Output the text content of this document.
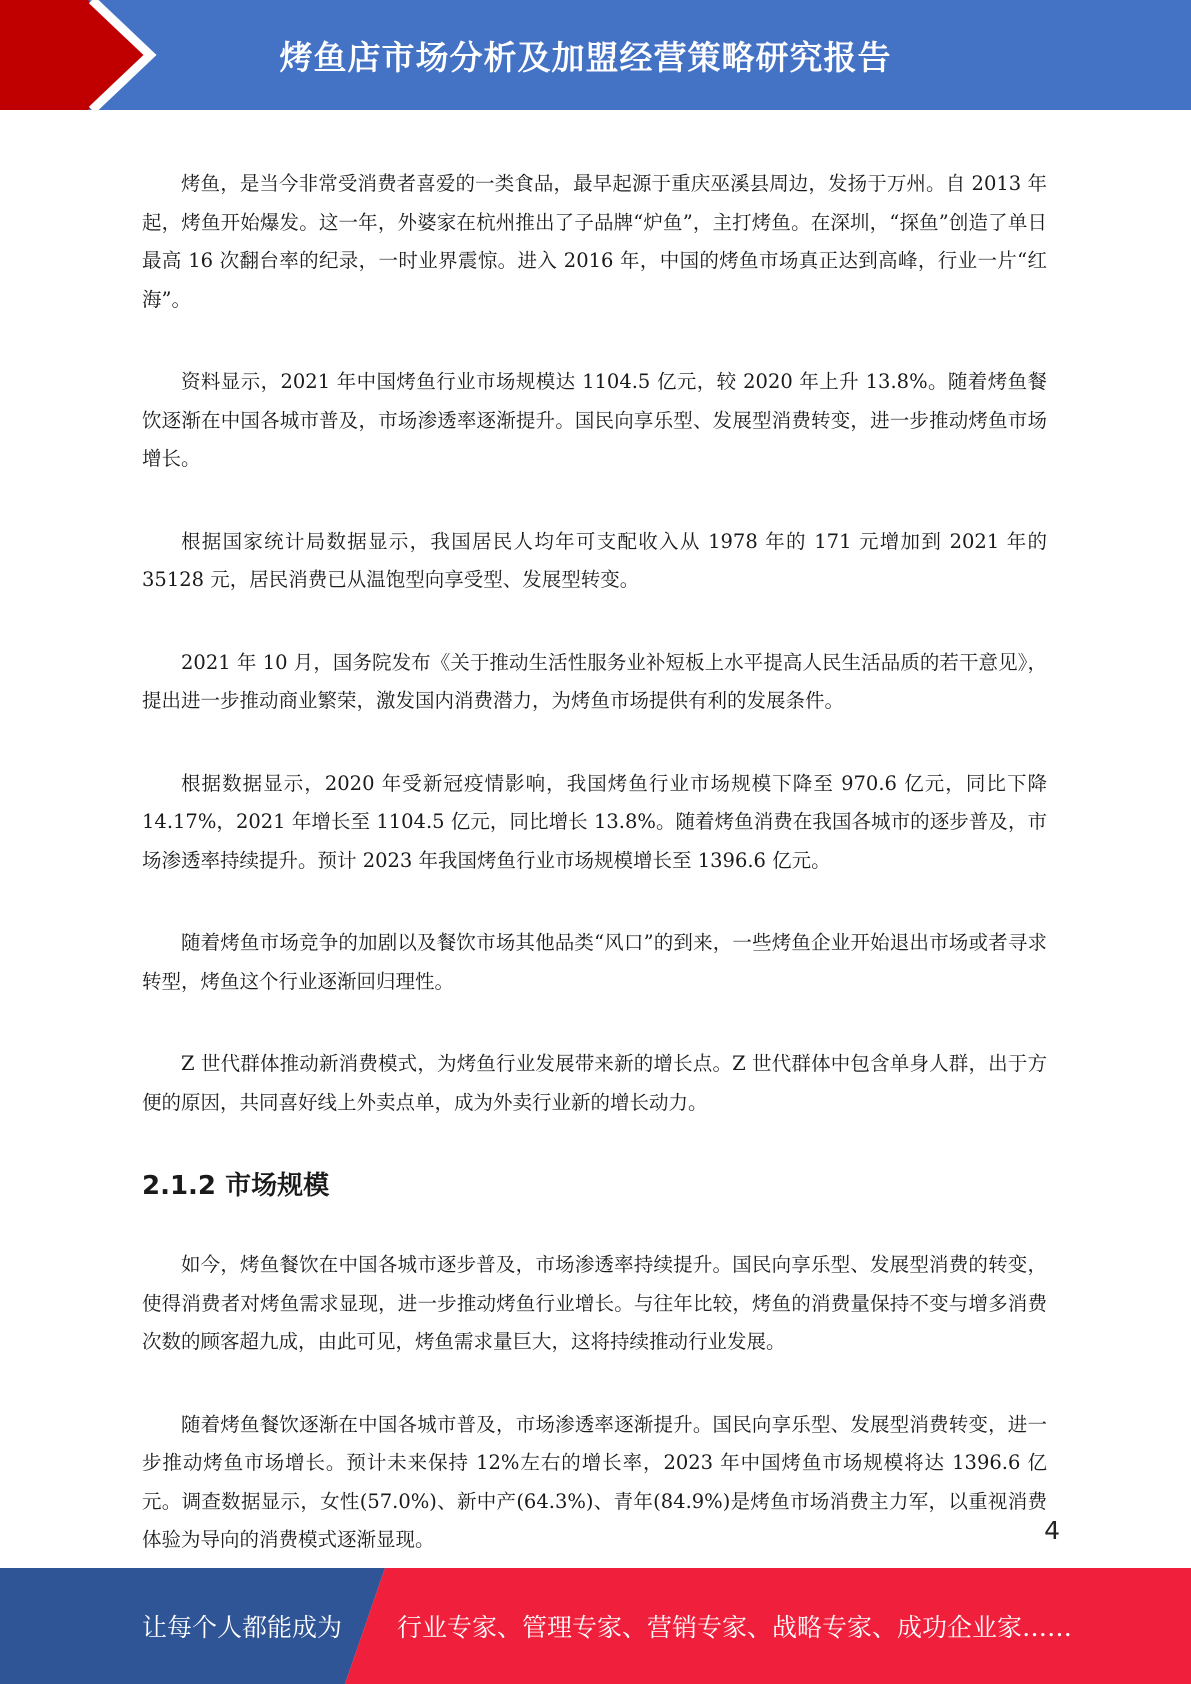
烤鱼店市场分析及加盟经营策略研究报告

烤鱼，是当今非常受消费者喜爱的一类食品，最早起源于重庆巫溪县周边，发扬于万州。自 2013 年起，烤鱼开始爆发。这一年，外婆家在杭州推出了子品牌“炉鱼”，主打烤鱼。在深圳，“探鱼”创造了单日最高 16 次翻台率的纪录，一时业界震惊。进入 2016 年，中国的烤鱼市场真正达到高峰，行业一片“红海”。

资料显示，2021 年中国烤鱼行业市场规模达 1104.5 亿元，较 2020 年上升 13.8%。随着烤鱼餐饮逐渐在中国各城市普及，市场渗透率逐渐提升。国民向享乐型、发展型消费转变，进一步推动烤鱼市场增长。

根据国家统计局数据显示，我国居民人均年可支配收入从 1978 年的 171 元增加到 2021 年的 35128 元，居民消费已从温饱型向享受型、发展型转变。

2021 年 10 月，国务院发布《关于推动生活性服务业补短板上水平提高人民生活品质的若干意见》，提出进一步推动商业繁荣，激发国内消费潜力，为烤鱼市场提供有利的发展条件。

根据数据显示，2020 年受新冠疫情影响，我国烤鱼行业市场规模下降至 970.6 亿元，同比下降 14.17%，2021 年增长至 1104.5 亿元，同比增长 13.8%。随着烤鱼消费在我国各城市的逐步普及，市场渗透率持续提升。预计 2023 年我国烤鱼行业市场规模增长至 1396.6 亿元。

随着烤鱼市场竞争的加剧以及餐饮市场其他品类“风口”的到来，一些烤鱼企业开始退出市场或者寻求转型，烤鱼这个行业逐渐回归理性。

Z 世代群体推动新消费模式，为烤鱼行业发展带来新的增长点。Z 世代群体中包含单身人群，出于方便的原因，共同喜好线上外卖点单，成为外卖行业新的增长动力。

2.1.2 市场规模

如今，烤鱼餐饮在中国各城市逐步普及，市场渗透率持续提升。国民向享乐型、发展型消费的转变，使得消费者对烤鱼需求显现，进一步推动烤鱼行业增长。与往年比较，烤鱼的消费量保持不变与增多消费次数的顾客超九成，由此可见，烤鱼需求量巨大，这将持续推动行业发展。

随着烤鱼餐饮逐渐在中国各城市普及，市场渗透率逐渐提升。国民向享乐型、发展型消费转变，进一步推动烤鱼市场增长。预计未来保持 12%左右的增长率，2023 年中国烤鱼市场规模将达 1396.6 亿元。调查数据显示，女性(57.0%)、新中产(64.3%)、青年(84.9%)是烤鱼市场消费主力军，以重视消费体验为导向的消费模式逐渐显现。	4
让每个人都能成为 行业专家、管理专家、营销专家、战略专家、成功企业家……
